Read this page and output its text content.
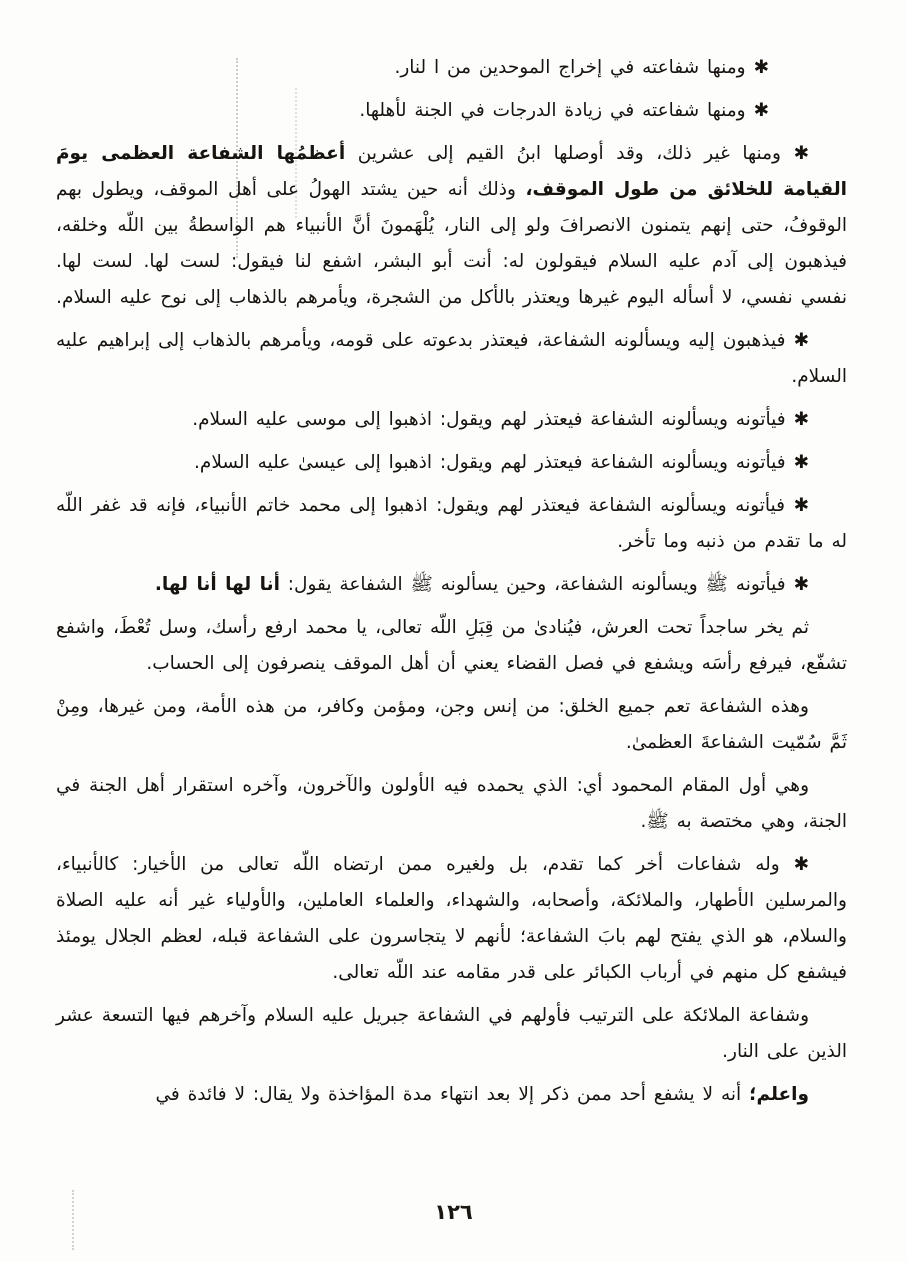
✱ ومنها شفاعته في إخراج الموحدين من ا لنار.

✱ ومنها شفاعته في زيادة الدرجات في الجنة لأهلها.

✱ ومنها غير ذلك، وقد أوصلها ابنُ القيم إلى عشرين أعظمُها الشفاعة العظمى يومَ القيامة للخلائق من طول الموقف، وذلك أنه حين يشتد الهولُ على أهل الموقف، ويطول بهم الوقوفُ، حتى إنهم يتمنون الانصرافَ ولو إلى النار، يُلْهَمونَ أنَّ الأنبياء هم الواسطةُ بين اللّه وخلقه، فيذهبون إلى آدم عليه السلام فيقولون له: أنت أبو البشر، اشفع لنا فيقول: لست لها. لست لها. نفسي نفسي، لا أسأله اليوم غيرها ويعتذر بالأكل من الشجرة، ويأمرهم بالذهاب إلى نوح عليه السلام.

✱ فيذهبون إليه ويسألونه الشفاعة، فيعتذر بدعوته على قومه، ويأمرهم بالذهاب إلى إبراهيم عليه السلام.

✱ فيأتونه ويسألونه الشفاعة فيعتذر لهم ويقول: اذهبوا إلى موسى عليه السلام.

✱ فيأتونه ويسألونه الشفاعة فيعتذر لهم ويقول: اذهبوا إلى عيسىٰ عليه السلام.

✱ فيأتونه ويسألونه الشفاعة فيعتذر لهم ويقول: اذهبوا إلى محمد خاتم الأنبياء، فإنه قد غفر اللّه له ما تقدم من ذنبه وما تأخر.

✱ فيأتونه ﷺ ويسألونه الشفاعة، وحين يسألونه ﷺ الشفاعة يقول: أنا لها أنا لها.

ثم يخر ساجداً تحت العرش، فيُنادىٰ من قِبَلِ اللّه تعالى، يا محمد ارفع رأسك، وسل تُعْطَ، واشفع تشفّع، فيرفع رأسَه ويشفع في فصل القضاء يعني أن أهل الموقف ينصرفون إلى الحساب.

وهذه الشفاعة تعم جميع الخلق: من إنس وجن، ومؤمن وكافر، من هذه الأمة، ومن غيرها، ومِنْ ثَمَّ سُمّيت الشفاعةَ العظمىٰ.

وهي أول المقام المحمود أي: الذي يحمده فيه الأولون والآخرون، وآخره استقرار أهل الجنة في الجنة، وهي مختصة به ﷺ.

✱ وله شفاعات أخر كما تقدم، بل ولغيره ممن ارتضاه اللّه تعالى من الأخيار: كالأنبياء، والمرسلين الأطهار، والملائكة، وأصحابه، والشهداء، والعلماء العاملين، والأولياء غير أنه عليه الصلاة والسلام، هو الذي يفتح لهم بابَ الشفاعة؛ لأنهم لا يتجاسرون على الشفاعة قبله، لعظم الجلال يومئذ فيشفع كل منهم في أرباب الكبائر على قدر مقامه عند اللّه تعالى.

وشفاعة الملائكة على الترتيب فأولهم في الشفاعة جبريل عليه السلام وآخرهم فيها التسعة عشر الذين على النار.

واعلم؛ أنه لا يشفع أحد ممن ذكر إلا بعد انتهاء مدة المؤاخذة ولا يقال: لا فائدة في

١٢٦
